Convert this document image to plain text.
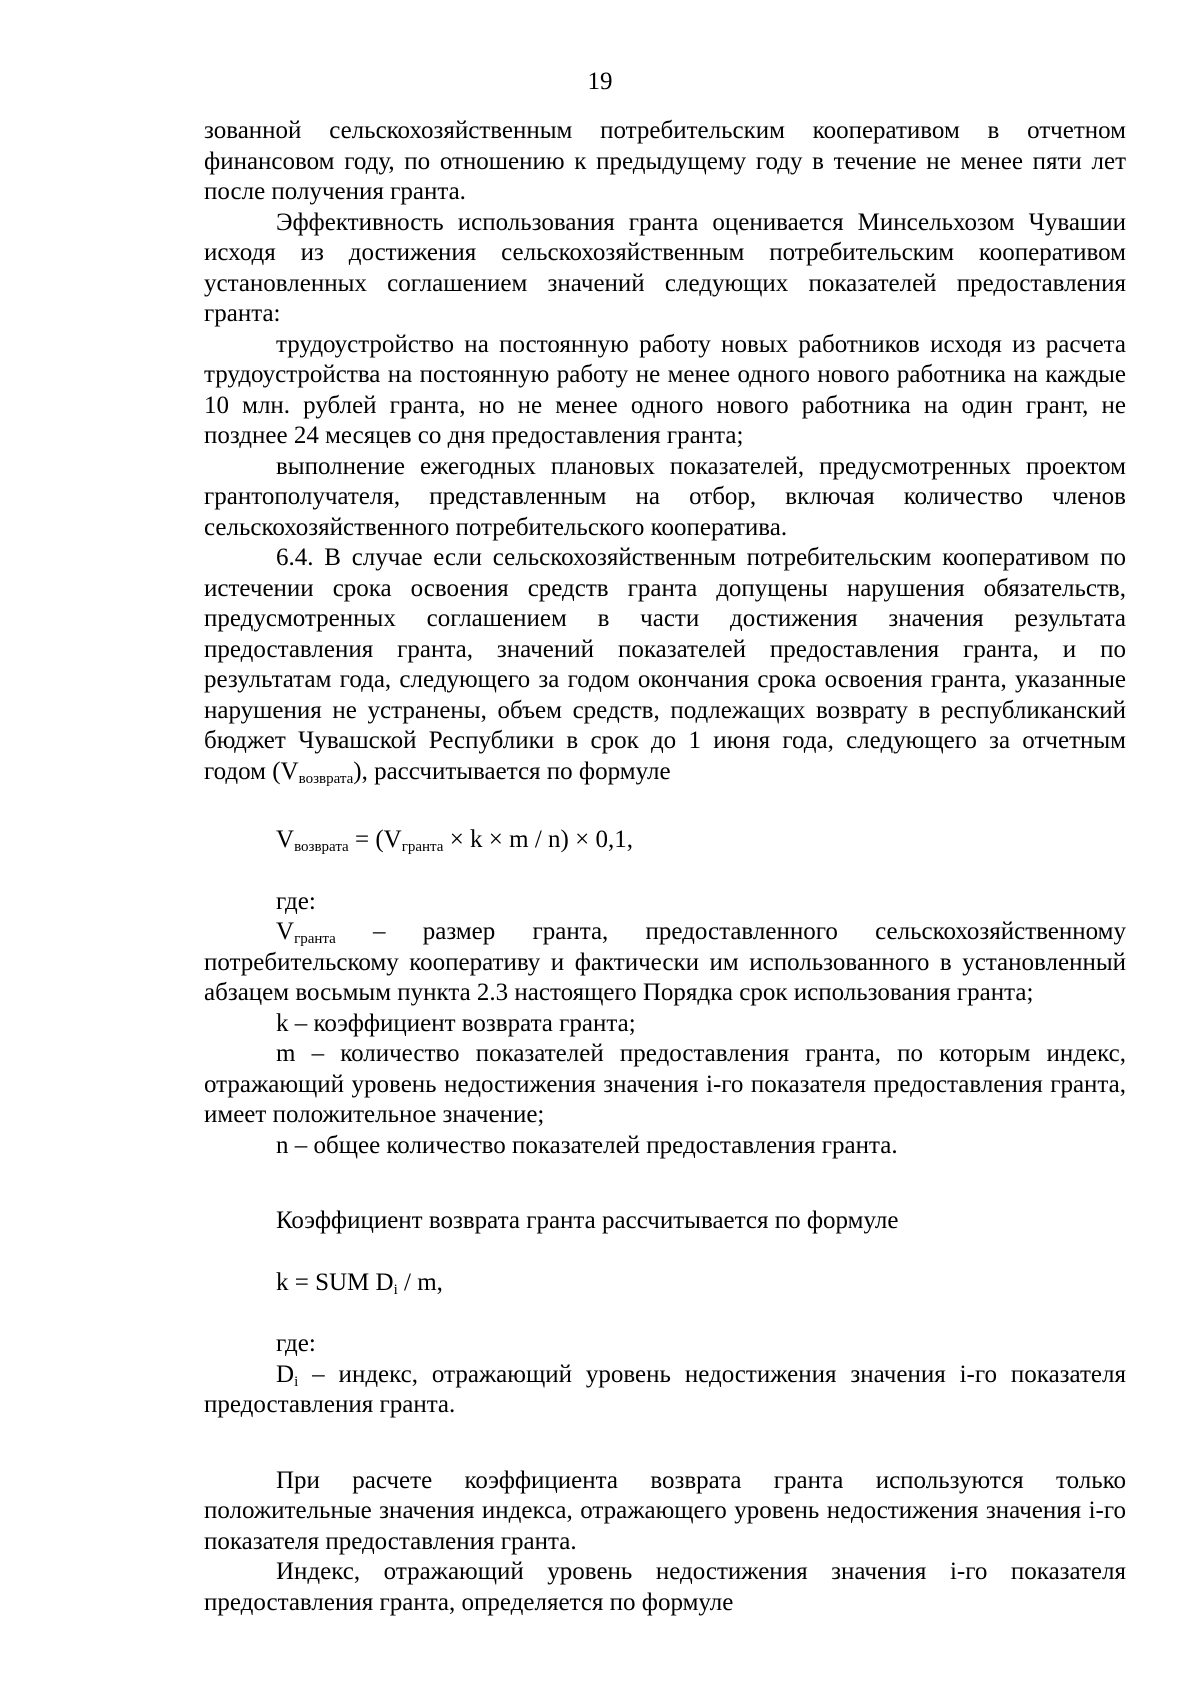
19

зованной сельскохозяйственным потребительским кооперативом в отчетном финансовом году, по отношению к предыдущему году в течение не менее пяти лет после получения гранта.

Эффективность использования гранта оценивается Минсельхозом Чувашии исходя из достижения сельскохозяйственным потребительским кооперативом установленных соглашением значений следующих показателей предоставления гранта:

трудоустройство на постоянную работу новых работников исходя из расчета трудоустройства на постоянную работу не менее одного нового работника на каждые 10 млн. рублей гранта, но не менее одного нового работника на один грант, не позднее 24 месяцев со дня предоставления гранта;

выполнение ежегодных плановых показателей, предусмотренных проектом грантополучателя, представленным на отбор, включая количество членов сельскохозяйственного потребительского кооператива.

6.4. В случае если сельскохозяйственным потребительским кооперативом по истечении срока освоения средств гранта допущены нарушения обязательств, предусмотренных соглашением в части достижения значения результата предоставления гранта, значений показателей предоставления гранта, и по результатам года, следующего за годом окончания срока освоения гранта, указанные нарушения не устранены, объем средств, подлежащих возврату в республиканский бюджет Чувашской Республики в срок до 1 июня года, следующего за отчетным годом $(V_{возврата})$, рассчитывается по формуле

$V_{возврата} = (V_{гранта} \times k \times m / n) \times 0,1$,
где:

$V_{гранта}$ – размер гранта, предоставленного сельскохозяйственному потребительскому кооперативу и фактически им использованного в установленный абзацем восьмым пункта 2.3 настоящего Порядка срок использования гранта;

k – коэффициент возврата гранта;

m – количество показателей предоставления гранта, по которым индекс, отражающий уровень недостижения значения i-го показателя предоставления гранта, имеет положительное значение;

n – общее количество показателей предоставления гранта.

Коэффициент возврата гранта рассчитывается по формуле
k = SUM $D_i$ / m,
где:

$D_i$ – индекс, отражающий уровень недостижения значения i-го показателя предоставления гранта.

При расчете коэффициента возврата гранта используются только положительные значения индекса, отражающего уровень недостижения значения i-го показателя предоставления гранта.

Индекс, отражающий уровень недостижения значения i-го показателя предоставления гранта, определяется по формуле
